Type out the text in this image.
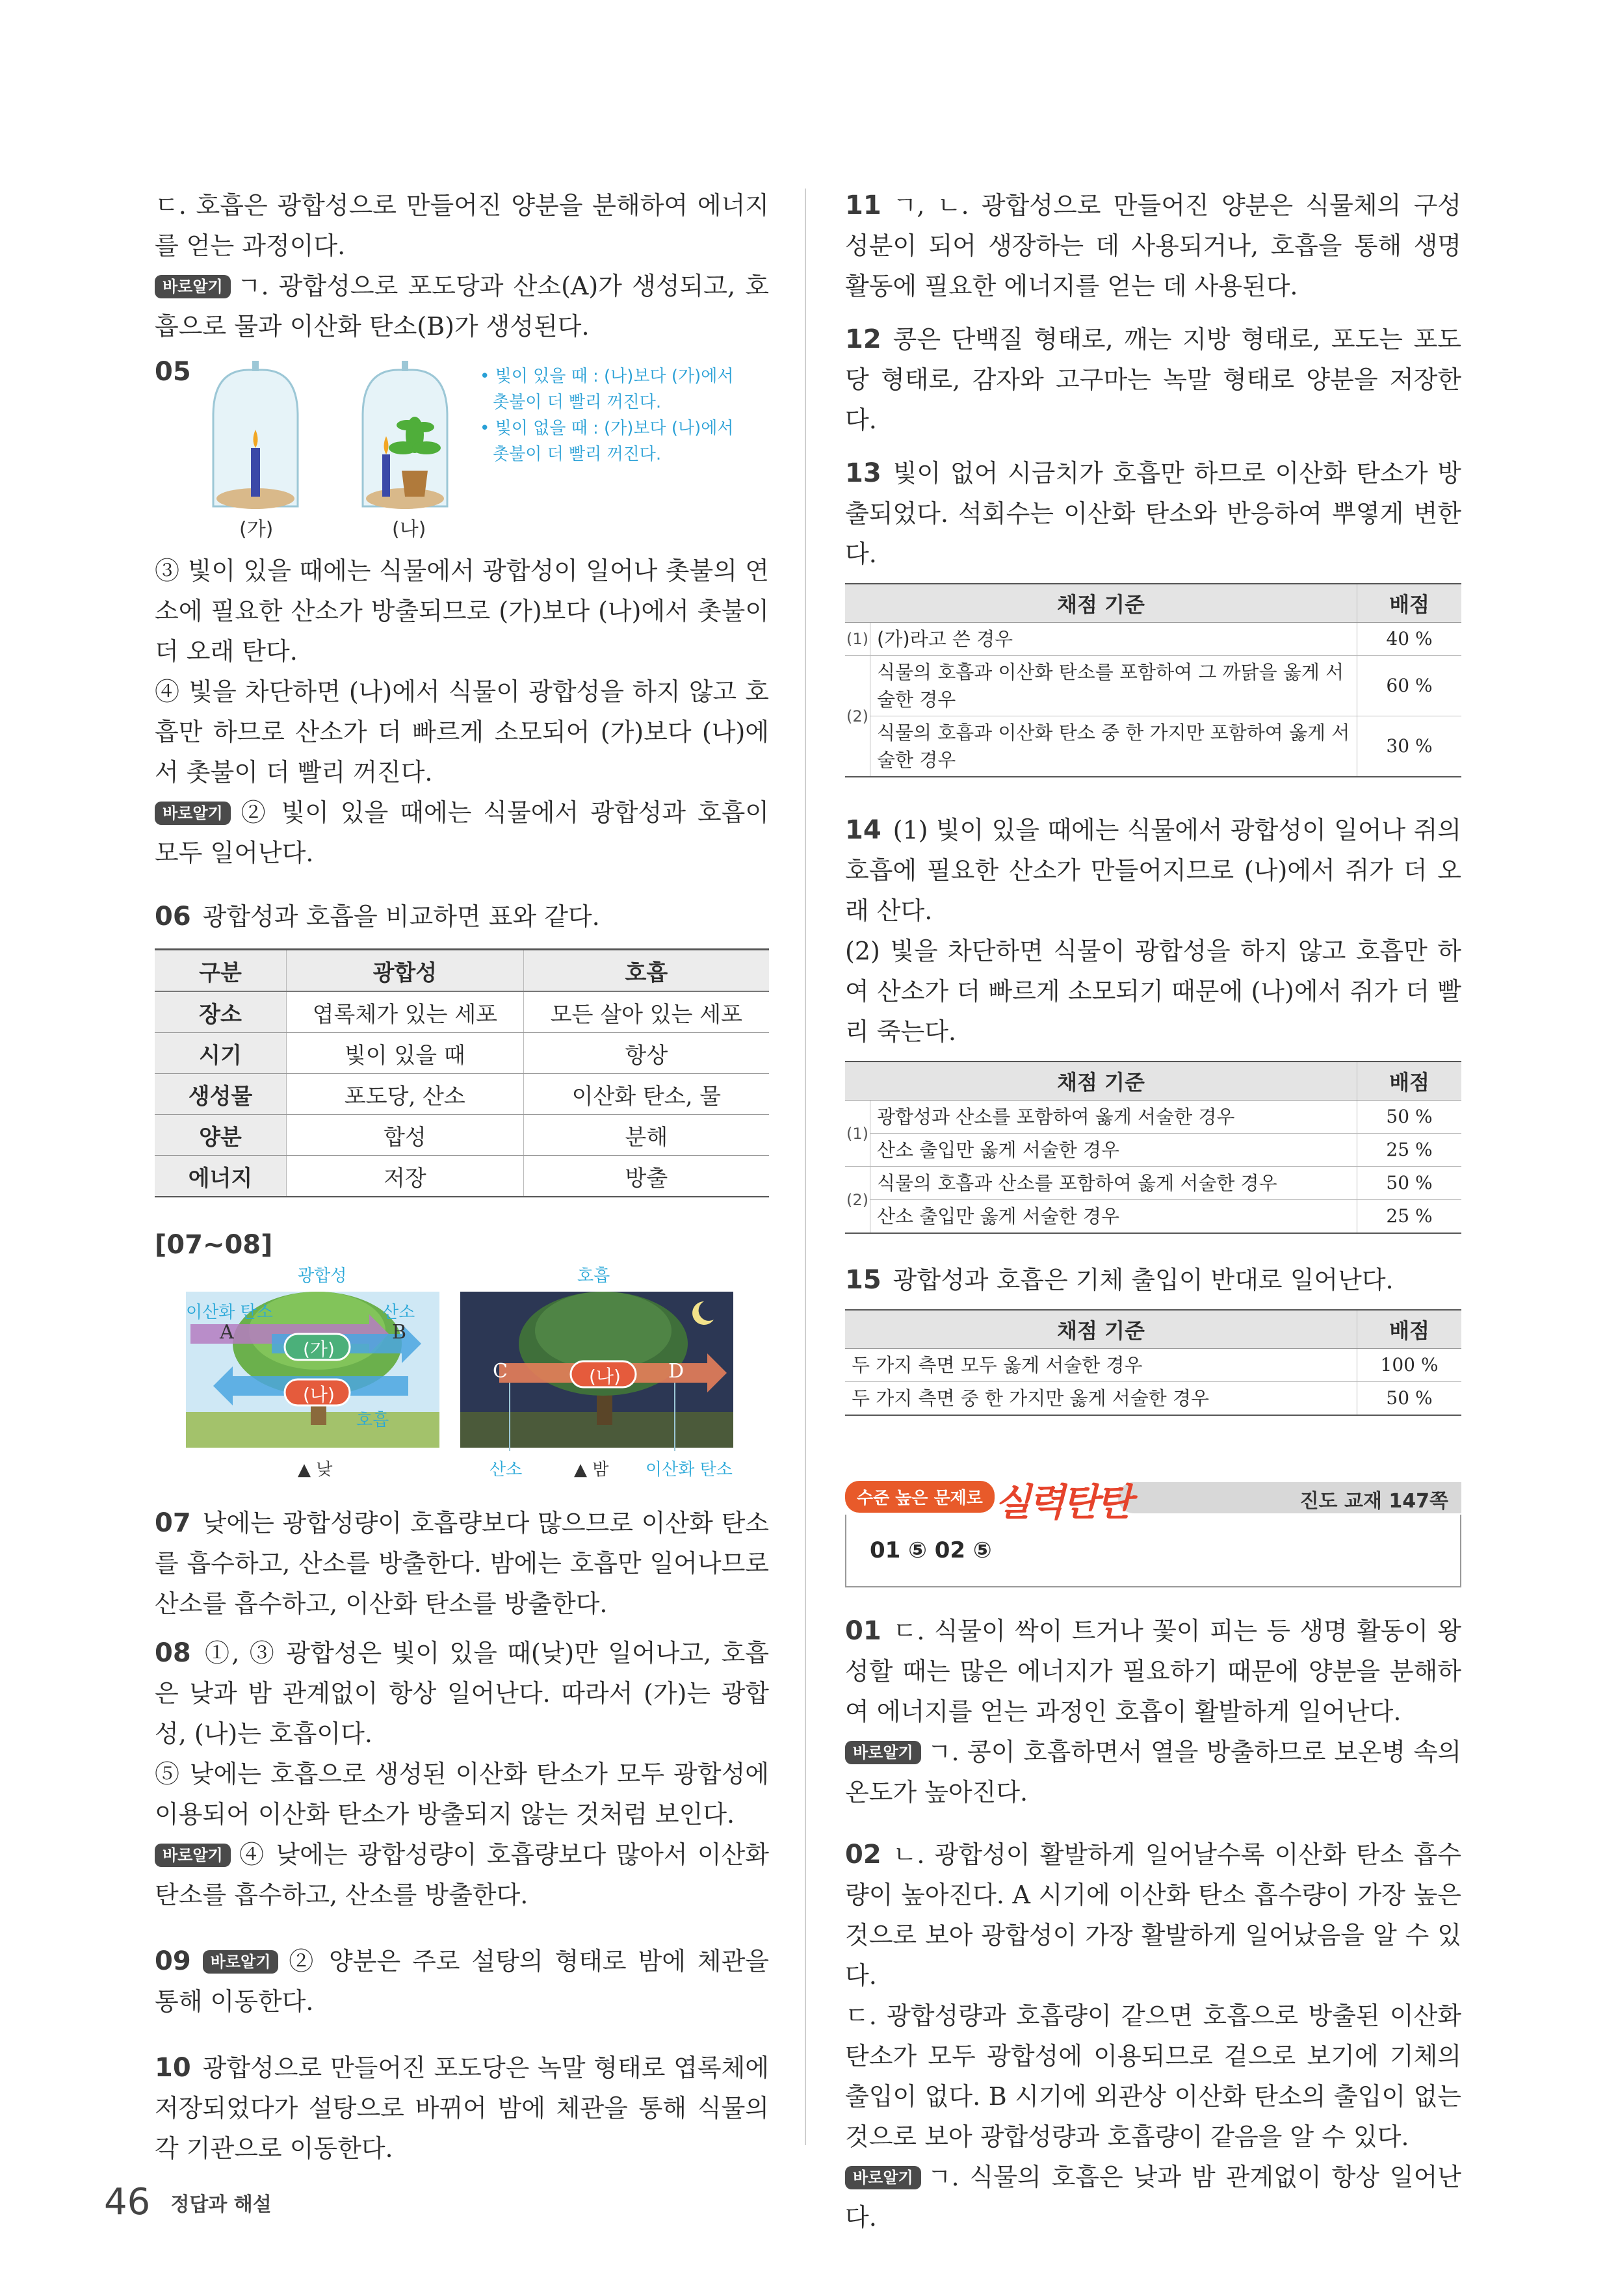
ㄷ. 호흡은 광합성으로 만들어진 양분을 분해하여 에너지를 얻는 과정이다.

바로알기 ㄱ. 광합성으로 포도당과 산소(A)가 생성되고, 호흡으로 물과 이산화 탄소(B)가 생성된다.

05
(가)	(나)
• 빛이 있을 때 : (나)보다 (가)에서
촛불이 더 빨리 꺼진다.
• 빛이 없을 때 : (가)보다 (나)에서
촛불이 더 빨리 꺼진다.

③ 빛이 있을 때에는 식물에서 광합성이 일어나 촛불의 연소에 필요한 산소가 방출되므로 (가)보다 (나)에서 촛불이 더 오래 탄다.

④ 빛을 차단하면 (나)에서 식물이 광합성을 하지 않고 호흡만 하므로 산소가 더 빠르게 소모되어 (가)보다 (나)에서 촛불이 더 빨리 꺼진다.

바로알기 ② 빛이 있을 때에는 식물에서 광합성과 호흡이 모두 일어난다.

06 광합성과 호흡을 비교하면 표와 같다.

구분	광합성	호흡
장소	엽록체가 있는 세포	모든 살아 있는 세포
시기	빛이 있을 때	항상
생성물	포도당, 산소	이산화 탄소, 물
양분	합성	분해
에너지	저장	방출
[07~08]
광합성	호흡
이산화 탄소	산소
A	B
(가)
(나)
호흡
C	D
(나)
▲ 낮	산소	▲ 밤 이산화 탄소

07 낮에는 광합성량이 호흡량보다 많으므로 이산화 탄소를 흡수하고, 산소를 방출한다. 밤에는 호흡만 일어나므로 산소를 흡수하고, 이산화 탄소를 방출한다.

08 ①, ③ 광합성은 빛이 있을 때(낮)만 일어나고, 호흡은 낮과 밤 관계없이 항상 일어난다. 따라서 (가)는 광합성, (나)는 호흡이다.

⑤ 낮에는 호흡으로 생성된 이산화 탄소가 모두 광합성에 이용되어 이산화 탄소가 방출되지 않는 것처럼 보인다.

바로알기 ④ 낮에는 광합성량이 호흡량보다 많아서 이산화 탄소를 흡수하고, 산소를 방출한다.

09 바로알기 ② 양분은 주로 설탕의 형태로 밤에 체관을 통해 이동한다.

10 광합성으로 만들어진 포도당은 녹말 형태로 엽록체에 저장되었다가 설탕으로 바뀌어 밤에 체관을 통해 식물의 각 기관으로 이동한다.

11 ㄱ, ㄴ. 광합성으로 만들어진 양분은 식물체의 구성 성분이 되어 생장하는 데 사용되거나, 호흡을 통해 생명 활동에 필요한 에너지를 얻는 데 사용된다.

12 콩은 단백질 형태로, 깨는 지방 형태로, 포도는 포도당 형태로, 감자와 고구마는 녹말 형태로 양분을 저장한다.

13 빛이 없어 시금치가 호흡만 하므로 이산화 탄소가 방출되었다. 석회수는 이산화 탄소와 반응하여 뿌옇게 변한다.

채점 기준		배점
(1)	(가)라고 쓴 경우	40 %
(2)	식물의 호흡과 이산화 탄소를 포함하여 그 까닭을 옳게 서술한 경우	60 %
	식물의 호흡과 이산화 탄소 중 한 가지만 포함하여 옳게 서술한 경우	30 %

14 (1) 빛이 있을 때에는 식물에서 광합성이 일어나 쥐의 호흡에 필요한 산소가 만들어지므로 (나)에서 쥐가 더 오래 산다.

(2) 빛을 차단하면 식물이 광합성을 하지 않고 호흡만 하여 산소가 더 빠르게 소모되기 때문에 (나)에서 쥐가 더 빨리 죽는다.

채점 기준		배점
(1)	광합성과 산소를 포함하여 옳게 서술한 경우	50 %
	산소 출입만 옳게 서술한 경우	25 %
(2)	식물의 호흡과 산소를 포함하여 옳게 서술한 경우	50 %
	산소 출입만 옳게 서술한 경우	25 %

15 광합성과 호흡은 기체 출입이 반대로 일어난다.

채점 기준	배점
두 가지 측면 모두 옳게 서술한 경우	100 %
두 가지 측면 중 한 가지만 옳게 서술한 경우	50 %
수준 높은 문제로 실력탄탄	진도 교재 147쪽
01 ⑤ 02 ⑤

01 ㄷ. 식물이 싹이 트거나 꽃이 피는 등 생명 활동이 왕성할 때는 많은 에너지가 필요하기 때문에 양분을 분해하여 에너지를 얻는 과정인 호흡이 활발하게 일어난다.

바로알기 ㄱ. 콩이 호흡하면서 열을 방출하므로 보온병 속의 온도가 높아진다.

02 ㄴ. 광합성이 활발하게 일어날수록 이산화 탄소 흡수량이 높아진다. A 시기에 이산화 탄소 흡수량이 가장 높은 것으로 보아 광합성이 가장 활발하게 일어났음을 알 수 있다.

ㄷ. 광합성량과 호흡량이 같으면 호흡으로 방출된 이산화 탄소가 모두 광합성에 이용되므로 겉으로 보기에 기체의 출입이 없다. B 시기에 외관상 이산화 탄소의 출입이 없는 것으로 보아 광합성량과 호흡량이 같음을 알 수 있다.

바로알기 ㄱ. 식물의 호흡은 낮과 밤 관계없이 항상 일어난다.

46 정답과 해설
